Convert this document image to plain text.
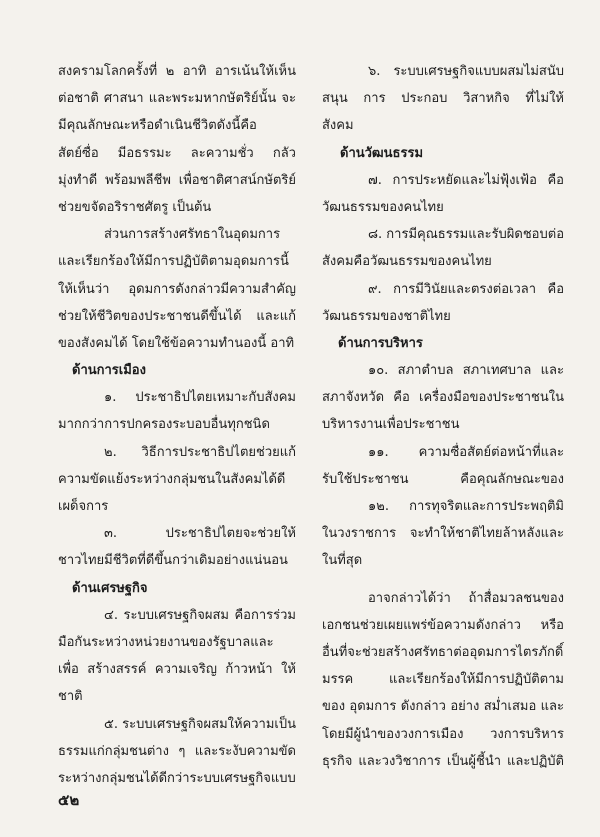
สงครามโลกครั้งที่ ๒ อาทิ อารเน้นให้เห็น
ต่อชาติ ศาสนา และพระมหากษัตริย์นั้น จะ
มีคุณลักษณะหรือดำเนินชีวิตดังนี้คือ
สัตย์ซื่อ มีอธรรมะ ละความชั่ว กลัว
มุ่งทำดี พร้อมพลีชีพ เพื่อชาติศาสน์กษัตริย์
ช่วยขจัดอริราชศัตรู เป็นต้น
ส่วนการสร้างศรัทธาในอุดมการ
และเรียกร้องให้มีการปฏิบัติตามอุดมการนี้
ให้เห็นว่า อุดมการดังกล่าวมีความสำคัญ
ช่วยให้ชีวิตของประชาชนดีขึ้นได้ และแก้
ของสังคมได้ โดยใช้ข้อความทำนองนี้ อาทิ
ด้านการเมือง
๑. ประชาธิปไตยเหมาะกับสังคม
มากกว่าการปกครองระบอบอื่นทุกชนิด
๒. วิธีการประชาธิปไตยช่วยแก้
ความขัดแย้งระหว่างกลุ่มชนในสังคมได้ดี
เผด็จการ
๓. ประชาธิปไตยจะช่วยให้
ชาวไทยมีชีวิตที่ดีขึ้นกว่าเดิมอย่างแน่นอน
ด้านเศรษฐกิจ
๔. ระบบเศรษฐกิจผสม คือการร่วม
มือกันระหว่างหน่วยงานของรัฐบาลและ
เพื่อ สร้างสรรค์ ความเจริญ ก้าวหน้า ให้
ชาติ
๕. ระบบเศรษฐกิจผสมให้ความเป็น
ธรรมแก่กลุ่มชนต่าง ๆ และระงับความขัด
ระหว่างกลุ่มชนได้ดีกว่าระบบเศรษฐกิจแบบ
๖. ระบบเศรษฐกิจแบบผสมไม่สนับ
สนุน การ ประกอบ วิสาหกิจ ที่ไม่ให้
สังคม
ด้านวัฒนธรรม
๗. การประหยัดและไม่ฟุ้งเฟ้อ คือ
วัฒนธรรมของคนไทย
๘. การมีคุณธรรมและรับผิดชอบต่อ
สังคมคือวัฒนธรรมของคนไทย
๙. การมีวินัยและตรงต่อเวลา คือ
วัฒนธรรมของชาติไทย
ด้านการบริหาร
๑๐. สภาตำบล สภาเทศบาล และ
สภาจังหวัด คือ เครื่องมือของประชาชนใน
บริหารงานเพื่อประชาชน
๑๑. ความซื่อสัตย์ต่อหน้าที่และ
รับใช้ประชาชน คือคุณลักษณะของ
๑๒. การทุจริตและการประพฤติมิ
ในวงราชการ จะทำให้ชาติไทยล้าหลังและ
ในที่สุด
อาจกล่าวได้ว่า ถ้าสื่อมวลชนของ
เอกชนช่วยเผยแพร่ข้อความดังกล่าว หรือ
อื่นที่จะช่วยสร้างศรัทธาต่ออุดมการไตรภักดิ์
มรรค และเรียกร้องให้มีการปฏิบัติตาม
ของ อุดมการ ดังกล่าว อย่าง สม่ำเสมอ และ
โดยมีผู้นำของวงการเมือง วงการบริหาร
ธุรกิจ และวงวิชาการ เป็นผู้ชี้นำ และปฏิบัติ
๕๒
